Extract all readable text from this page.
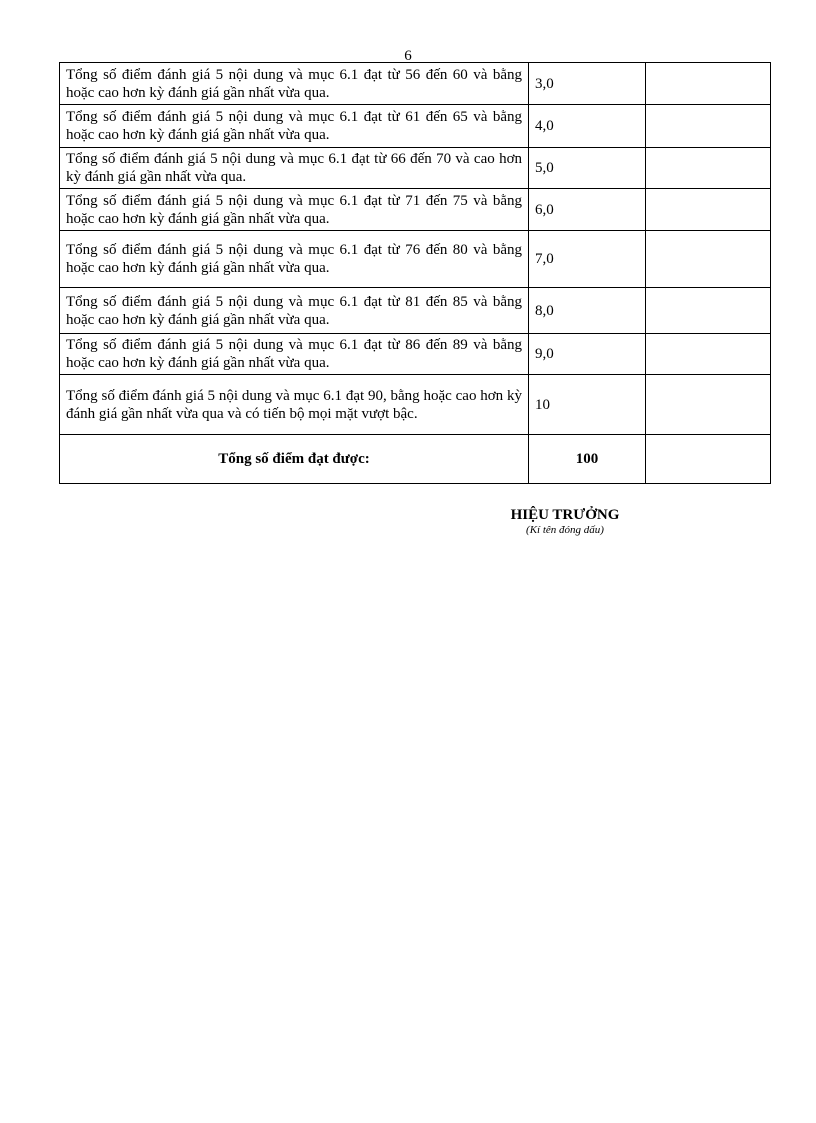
6
Tổng số điểm đánh giá 5 nội dung và mục 6.1 đạt từ 56 đến 60 và bằng hoặc cao hơn kỳ đánh giá gần nhất vừa qua.	3,0	
Tổng số điểm đánh giá 5 nội dung và mục 6.1 đạt từ 61 đến 65 và bằng hoặc cao hơn kỳ đánh giá gần nhất vừa qua.	4,0	
Tổng số điểm đánh giá 5 nội dung và mục 6.1 đạt từ 66 đến 70 và cao hơn kỳ đánh giá gần nhất vừa qua.	5,0	
Tổng số điểm đánh giá 5 nội dung và mục 6.1 đạt từ 71 đến 75 và bằng hoặc cao hơn kỳ đánh giá gần nhất vừa qua.	6,0	
Tổng số điểm đánh giá 5 nội dung và mục 6.1 đạt từ 76 đến 80 và bằng hoặc cao hơn kỳ đánh giá gần nhất vừa qua.	7,0	
Tổng số điểm đánh giá 5 nội dung và mục 6.1 đạt từ 81 đến 85 và bằng hoặc cao hơn kỳ đánh giá gần nhất vừa qua.	8,0	
Tổng số điểm đánh giá 5 nội dung và mục 6.1 đạt từ 86 đến 89 và bằng hoặc cao hơn kỳ đánh giá gần nhất vừa qua.	9,0	
Tổng số điểm đánh giá 5 nội dung và mục 6.1 đạt 90, bằng hoặc cao hơn kỳ đánh giá gần nhất vừa qua và có tiến bộ mọi mặt vượt bậc.	10	
Tổng số điểm đạt được:	100	
HIỆU TRƯỞNG
(Kí tên đóng dấu)
